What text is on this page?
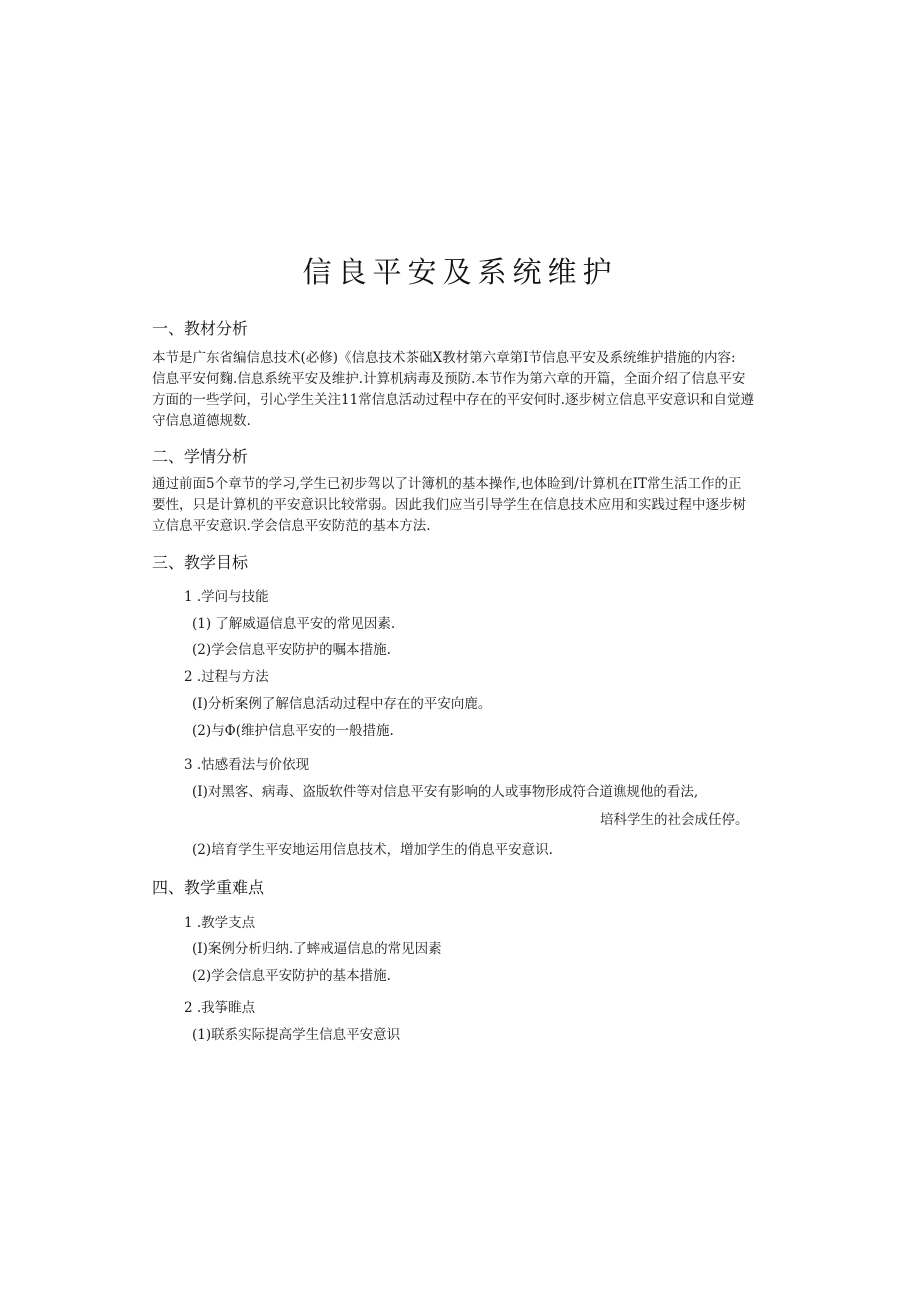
信良平安及系统维护
一、教材分析
本节是广东省编信息技术(必修)《信息技术茶础X教材第六章第I节信息平安及系统维护措施的内容:
信息平安何麴.信息系统平安及维护.计算机病毒及预防.本节作为第六章的开篇，全面介绍了信息平安
方面的一些学问，引心学生关注11常信息活动过程中存在的平安何时.逐步树立信息平安意识和自觉遵
守信息道德规数.
二、学情分析
通过前面5个章节的学习,学生已初步驾以了计簿机的基本操作,也体睑到/计算机在IT常生活工作的正
要性，只是计算机的平安意识比较常弱。因此我们应当引导学生在信息技术应用和实践过程中逐步树
立信息平安意识.学会信息平安防范的基本方法.
三、教学目标
1 .学问与技能
(1) 了解威逼信息平安的常见因素.
(2)学会信息平安防护的嘱本措施.
2 .过程与方法
(I)分析案例了解信息活动过程中存在的平安向鹿。
(2)与Φ(维护信息平安的一般措施.
3 .怙感看法与价依现
(I)对黑客、病毒、盗版软件等对信息平安有影响的人或事物形成符合道谯规他的看法,
培科学生的社会成任停。
(2)培育学生平安地运用信息技术，增加学生的俏息平安意识.
四、教学重难点
1 .教学支点
(I)案例分析归纳.了蟀戒逼信息的常见因素
(2)学会信息平安防护的基本措施.
2 .我筝睢点
(1)联系实际提高学生信息平安意识
